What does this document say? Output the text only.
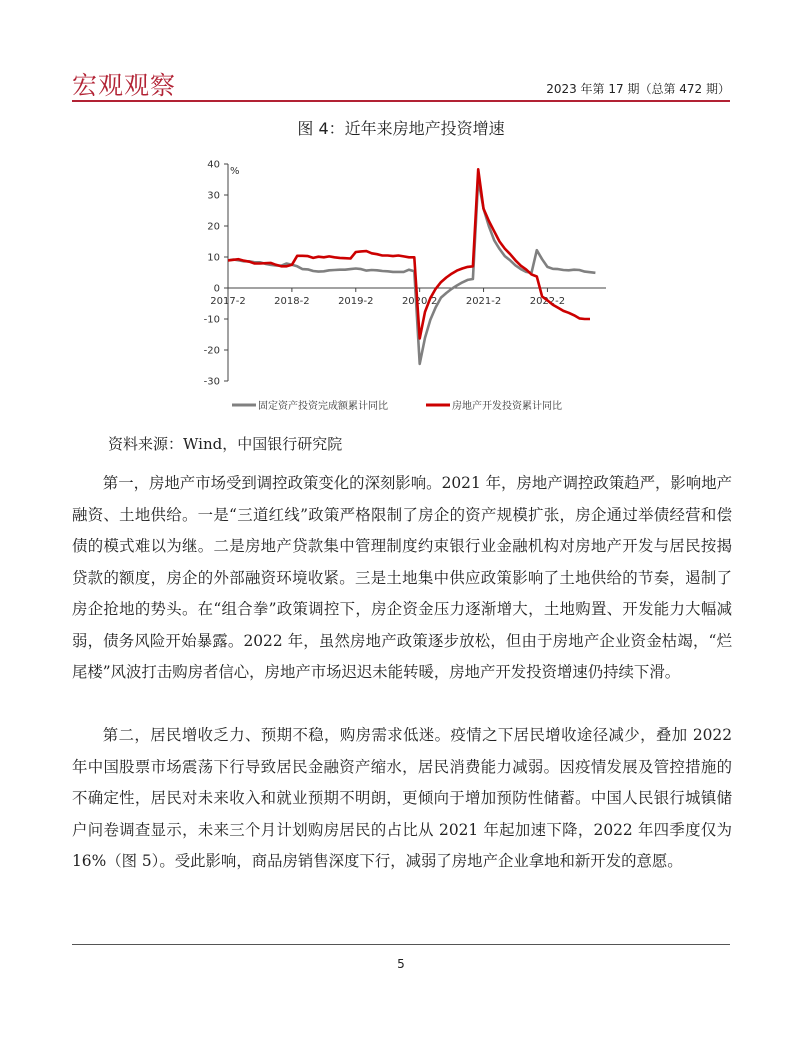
宏观观察	2023 年第 17 期（总第 472 期）
图 4：近年来房地产投资增速
40
30
20
10
0
-10
-20
-30
2017-2	2018-2	2019-2	2020-2	2021-2	2022-2
%
固定资产投资完成额累计同比	房地产开发投资累计同比
资料来源：Wind，中国银行研究院

第一，房地产市场受到调控政策变化的深刻影响。2021 年，房地产调控政策趋严，影响地产融资、土地供给。一是“三道红线”政策严格限制了房企的资产规模扩张，房企通过举债经营和偿债的模式难以为继。二是房地产贷款集中管理制度约束银行业金融机构对房地产开发与居民按揭贷款的额度，房企的外部融资环境收紧。三是土地集中供应政策影响了土地供给的节奏，遏制了房企抢地的势头。在“组合拳”政策调控下，房企资金压力逐渐增大，土地购置、开发能力大幅减弱，债务风险开始暴露。2022 年，虽然房地产政策逐步放松，但由于房地产企业资金枯竭，“烂尾楼”风波打击购房者信心，房地产市场迟迟未能转暖，房地产开发投资增速仍持续下滑。

第二，居民增收乏力、预期不稳，购房需求低迷。疫情之下居民增收途径减少，叠加 2022 年中国股票市场震荡下行导致居民金融资产缩水，居民消费能力减弱。因疫情发展及管控措施的不确定性，居民对未来收入和就业预期不明朗，更倾向于增加预防性储蓄。中国人民银行城镇储户问卷调查显示，未来三个月计划购房居民的占比从 2021 年起加速下降，2022 年四季度仅为 16%（图 5）。受此影响，商品房销售深度下行，减弱了房地产企业拿地和新开发的意愿。

5
